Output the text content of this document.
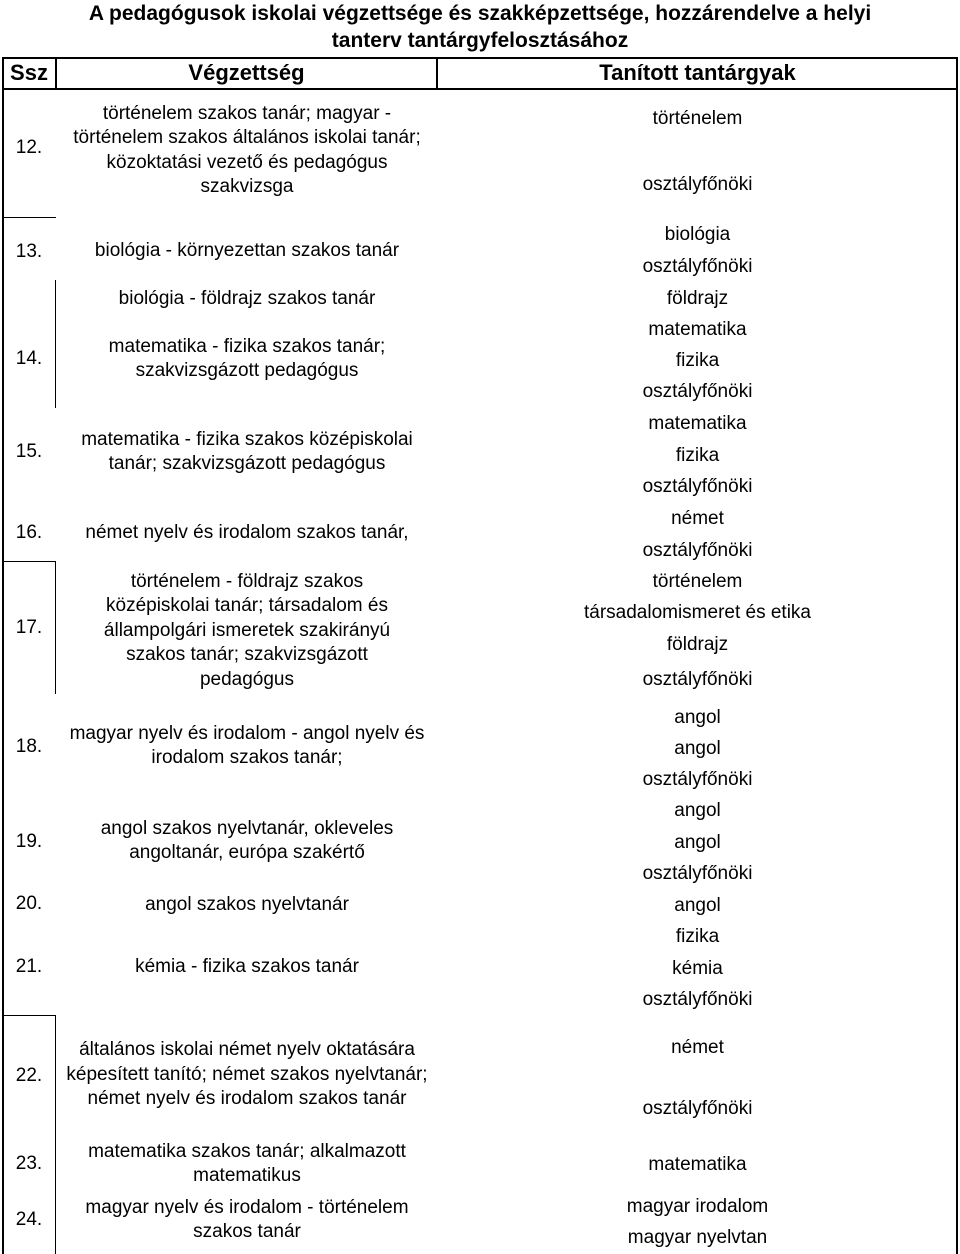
A pedagógusok iskolai végzettsége és szakképzettsége, hozzárendelve a helyi
tanterv tantárgyfelosztásához
Ssz	Végzettség	Tanított tantárgyak
12.
13.
14.
15.
16.
17.
18.
19.
20.
21.
22.
23.
24.
történelem szakos tanár; magyar - történelem szakos általános iskolai tanár; közoktatási vezető és pedagógus szakvizsga
biológia - környezettan szakos tanár
biológia - földrajz szakos tanár
matematika - fizika szakos tanár; szakvizsgázott pedagógus
matematika - fizika szakos középiskolai tanár; szakvizsgázott pedagógus
német nyelv és irodalom szakos tanár,
történelem - földrajz szakos középiskolai tanár; társadalom és állampolgári ismeretek szakirányú szakos tanár; szakvizsgázott pedagógus
magyar nyelv és irodalom - angol nyelv és irodalom szakos tanár;
angol szakos nyelvtanár, okleveles angoltanár, európa szakértő
angol szakos nyelvtanár
kémia - fizika szakos tanár
általános iskolai német nyelv oktatására képesített tanító; német szakos nyelvtanár; német nyelv és irodalom szakos tanár
matematika szakos tanár; alkalmazott matematikus
magyar nyelv és irodalom - történelem szakos tanár
történelem
osztályfőnöki
biológia
osztályfőnöki
földrajz
matematika
fizika
osztályfőnöki
matematika
fizika
osztályfőnöki
német
osztályfőnöki
történelem
társadalomismeret és etika
földrajz
osztályfőnöki
angol
angol
osztályfőnöki
angol
angol
osztályfőnöki
angol
fizika
kémia
osztályfőnöki
német
osztályfőnöki
matematika
magyar irodalom
magyar nyelvtan
